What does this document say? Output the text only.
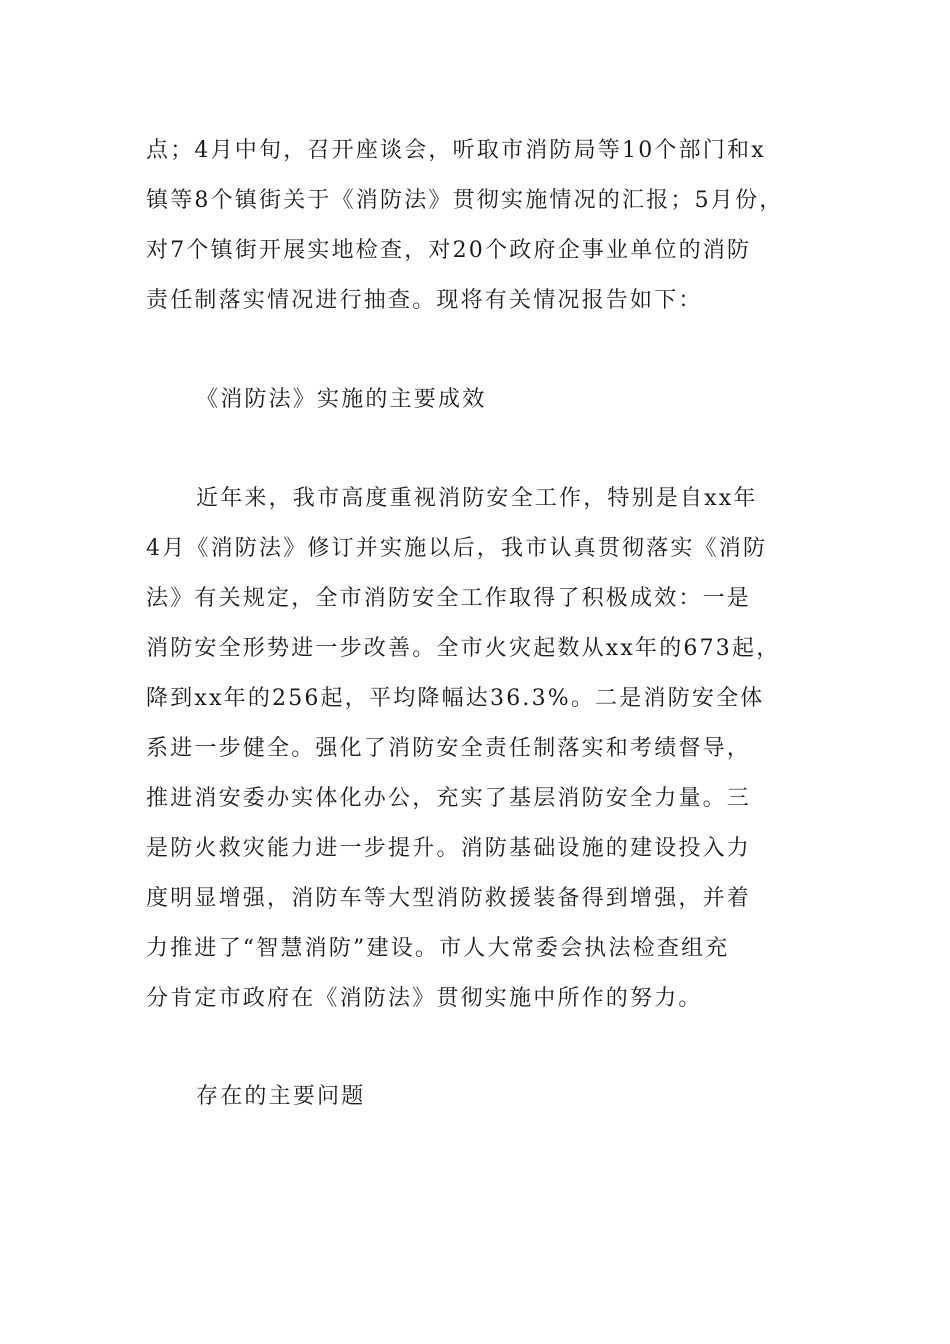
点；4月中旬，召开座谈会，听取市消防局等10个部门和x
镇等8个镇街关于《消防法》贯彻实施情况的汇报；5月份，
对7个镇街开展实地检查，对20个政府企事业单位的消防
责任制落实情况进行抽查。现将有关情况报告如下：
《消防法》实施的主要成效
近年来，我市高度重视消防安全工作，特别是自xx年
4月《消防法》修订并实施以后，我市认真贯彻落实《消防
法》有关规定，全市消防安全工作取得了积极成效：一是
消防安全形势进一步改善。全市火灾起数从xx年的673起，
降到xx年的256起，平均降幅达36.3%。二是消防安全体
系进一步健全。强化了消防安全责任制落实和考绩督导，
推进消安委办实体化办公，充实了基层消防安全力量。三
是防火救灾能力进一步提升。消防基础设施的建设投入力
度明显增强，消防车等大型消防救援装备得到增强，并着
力推进了“智慧消防”建设。市人大常委会执法检查组充
分肯定市政府在《消防法》贯彻实施中所作的努力。
存在的主要问题
